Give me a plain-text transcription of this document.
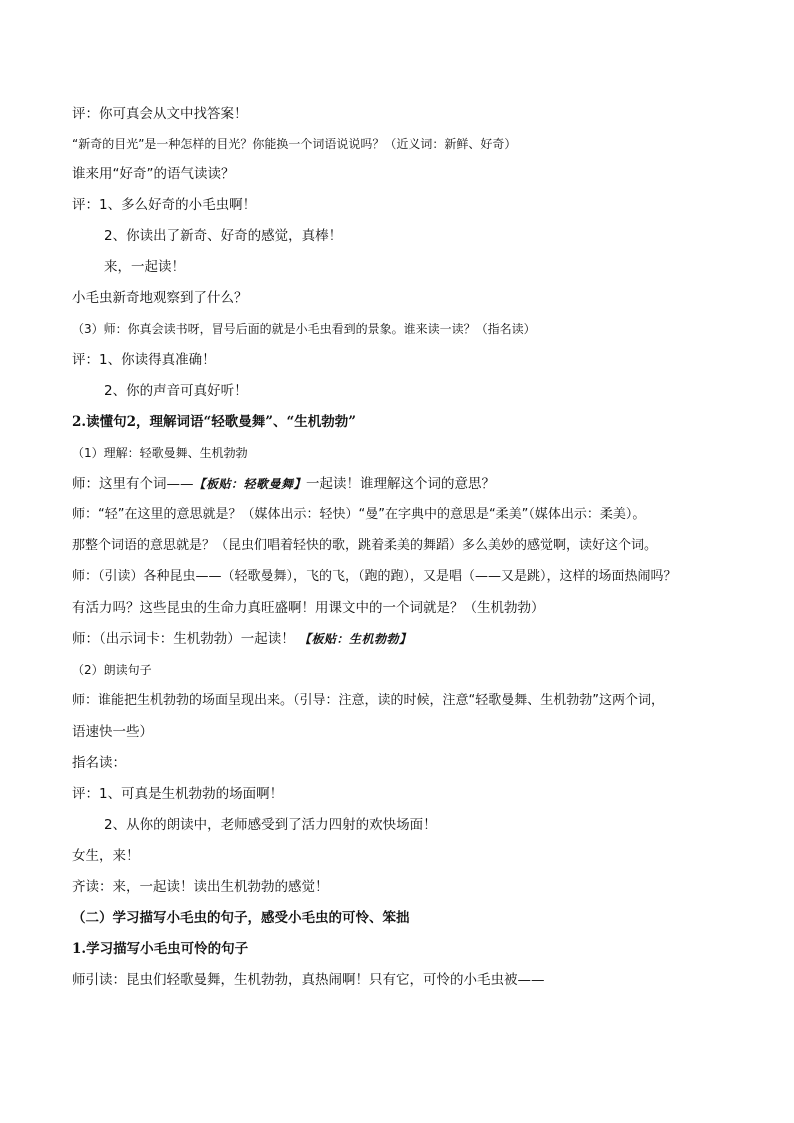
评：你可真会从文中找答案！
“新奇的目光”是一种怎样的目光？你能换一个词语说说吗？（近义词：新鲜、好奇）
谁来用“好奇”的语气读读？
评：1、多么好奇的小毛虫啊！
2、你读出了新奇、好奇的感觉，真棒！
来，一起读！
小毛虫新奇地观察到了什么？
（3）师：你真会读书呀，冒号后面的就是小毛虫看到的景象。谁来读一读？（指名读）
评：1、你读得真准确！
2、你的声音可真好听！
2.读懂句2，理解词语“轻歌曼舞”、“生机勃勃”
（1）理解：轻歌曼舞、生机勃勃
师：这里有个词——【板贴：轻歌曼舞】一起读！谁理解这个词的意思？
师：“轻”在这里的意思就是？（媒体出示：轻快）“曼”在字典中的意思是“柔美”（媒体出示：柔美）。
那整个词语的意思就是？（昆虫们唱着轻快的歌，跳着柔美的舞蹈）多么美妙的感觉啊，读好这个词。
师：（引读）各种昆虫——（轻歌曼舞），飞的飞，（跑的跑），又是唱（——又是跳），这样的场面热闹吗？
有活力吗？这些昆虫的生命力真旺盛啊！用课文中的一个词就是？（生机勃勃）
师：（出示词卡：生机勃勃）一起读！ 【板贴：生机勃勃】
（2）朗读句子
师：谁能把生机勃勃的场面呈现出来。（引导：注意，读的时候，注意“轻歌曼舞、生机勃勃”这两个词，
语速快一些）
指名读：
评：1、可真是生机勃勃的场面啊！
2、从你的朗读中，老师感受到了活力四射的欢快场面！
女生，来！
齐读：来，一起读！读出生机勃勃的感觉！
（二）学习描写小毛虫的句子，感受小毛虫的可怜、笨拙
1.学习描写小毛虫可怜的句子
师引读：昆虫们轻歌曼舞，生机勃勃，真热闹啊！只有它，可怜的小毛虫被——
